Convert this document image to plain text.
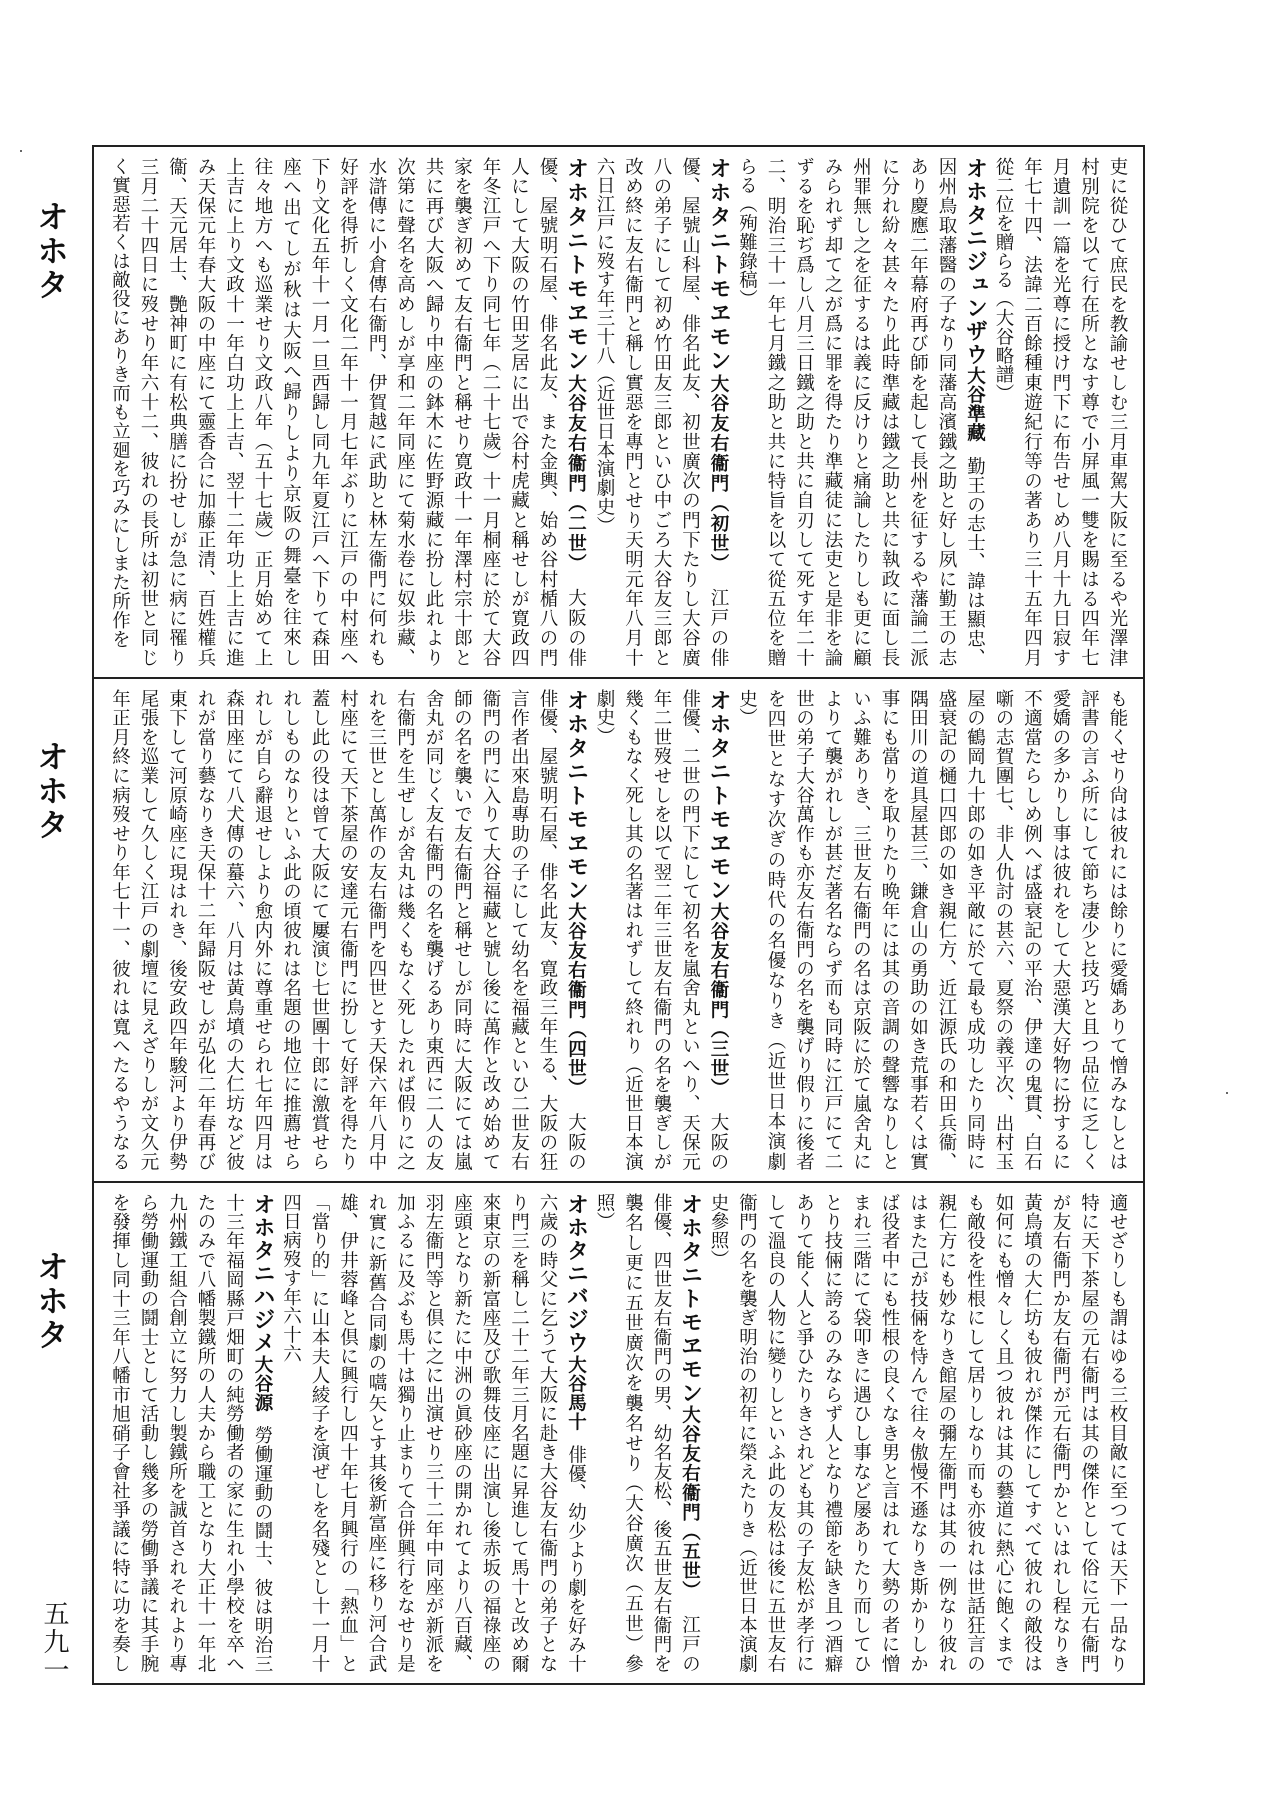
オホタ
オホタ
オホタ
吏に從ひて庶民を教諭せしむ三月車駕大阪に至るや光澤津村別院を以て行在所となす尊で小屏風一雙を賜はる四年七月遺訓一篇を光尊に授け門下に布告せしめ八月十九日寂す年七十四、法諱二百餘種東遊紀行等の著あり三十五年四月從二位を贈らる（大谷略譜）
オホタニジュンザウ大谷準藏勤王の志士、諱は顯忠、因州鳥取藩醫の子なり同藩高濱鐵之助と好し夙に勤王の志あり慶應二年幕府再び師を起して長州を征するや藩論二派に分れ紛々甚々たり此時準藏は鐵之助と共に執政に面し長州罪無し之を征するは義に反けりと痛論したりしも更に顧みられず却て之が爲に罪を得たり準藏徒に法吏と是非を論ずるを恥ぢ爲し八月三日鐵之助と共に自刃して死す年二十二、明治三十一年七月鐵之助と共に特旨を以て從五位を贈らる（殉難錄稿）
オホタニトモヱモン大谷友右衞門（初世）江戸の俳優、屋號山科屋、俳名此友、初世廣次の門下たりし大谷廣八の弟子にして初め竹田友三郎といひ中ごろ大谷友三郎と改め終に友右衞門と稱し實惡を專門とせり天明元年八月十六日江戸に歿す年三十八（近世日本演劇史）
オホタニトモヱモン大谷友右衞門（二世）大阪の俳優、屋號明石屋、俳名此友、また金輿、始め谷村楯八の門人にして大阪の竹田芝居に出で谷村虎藏と稱せしが寛政四年冬江戸へ下り同七年（二十七歲）十一月桐座に於て大谷家を襲ぎ初めて友右衞門と稱せり寛政十一年澤村宗十郎と共に再び大阪へ歸り中座の鉢木に佐野源藏に扮し此れより次第に聲名を高めしが享和二年同座にて菊水卷に奴歩藏、水滸傳に小倉傳右衞門、伊賀越に武助と林左衞門に何れも好評を得折しく文化二年十一月七年ぶりに江戸の中村座へ下り文化五年十一月一旦西歸し同九年夏江戸へ下りて森田座へ出てしが秋は大阪へ歸りしより京阪の舞臺を往來し往々地方へも巡業せり文政八年（五十七歲）正月始めて上上吉に上り文政十一年白功上上吉、翌十二年功上上吉に進み天保元年春大阪の中座にて靈香合に加藤正清、百姓權兵衞、天元居士、艷神町に有松典膳に扮せしが急に病に罹り三月二十四日に歿せり年六十二、彼れの長所は初世と同じく實惡若くは敵役にありき而も立廻を巧みにしまた所作を
も能くせり尙は彼れには餘りに愛嬌ありて憎みなしとは評書の言ふ所にして節ち凄少と技巧と且つ品位に乏しく愛嬌の多かりし事は彼れをして大惡漢大好物に扮するに不適當たらしめ例へば盛衰記の平治、伊達の鬼貫、白石噺の志賀團七、非人仇討の甚六、夏祭の義平次、出村玉屋の鶴岡九十郎の如き平敵に於て最も成功したり同時に盛衰記の樋口四郎の如き親仁方、近江源氏の和田兵衞、隅田川の道具屋甚三、鎌倉山の勇助の如き荒事若くは實事にも當りを取りたり晩年には其の音調の聲響なりしといふ難ありき、三世友右衞門の名は京阪に於て嵐舍丸によりて襲がれしが甚だ著名ならず而も同時に江戸にて二世の弟子大谷萬作も亦友右衞門の名を襲げり假りに後者を四世となす次ぎの時代の名優なりき（近世日本演劇史）
オホタニトモヱモン大谷友右衞門（三世）大阪の俳優、二世の門下にして初名を嵐舍丸といへり、天保元年二世歿せしを以て翌二年三世友右衞門の名を襲ぎしが幾くもなく死し其の名著はれずして終れり（近世日本演劇史）
オホタニトモヱモン大谷友右衞門（四世）大阪の俳優、屋號明石屋、俳名此友、寛政三年生る、大阪の狂言作者出來島專助の子にして幼名を福藏といひ二世友右衞門の門に入りて大谷福藏と號し後に萬作と改め始めて師の名を襲いで友右衞門と稱せしが同時に大阪にては嵐舍丸が同じく友右衞門の名を襲げるあり東西に二人の友右衞門を生ぜしが舍丸は幾くもなく死したれば假りに之れを三世とし萬作の友右衞門を四世とす天保六年八月中村座にて天下茶屋の安達元右衞門に扮して好評を得たり蓋し此の役は曾て大阪にて屢演じ七世團十郎に激賞せられしものなりといふ此の頃彼れは名題の地位に推薦せられしが自ら辭退せしより愈内外に尊重せられ七年四月は森田座にて八犬傳の蟇六、八月は黃鳥墳の大仁坊など彼れが當り藝なりき天保十二年歸阪せしが弘化二年春再び東下して河原崎座に現はれき、後安政四年駿河より伊勢尾張を巡業して久しく江戸の劇壇に見えざりしが文久元年正月終に病歿せり年七十一、彼れは寬へたるやうなる
適せざりしも謂はゆる三枚目敵に至つては天下一品なり特に天下茶屋の元右衞門は其の傑作として俗に元右衞門が友右衞門か友右衞門が元右衞門かといはれし程なりき黃鳥墳の大仁坊も彼れが傑作にしてすべて彼れの敵役は如何にも憎々しく且つ彼れは其の藝道に熱心に飽くまでも敵役を性根にして居りしなり而も亦彼れは世話狂言の親仁方にも妙なりき館屋の彌左衞門は其の一例なり彼れはまた己が技倆を恃んで往々傲慢不遜なりき斯かりしかば役者中にも性根の良くなき男と言はれて大勢の者に憎まれ三階にて袋叩きに遇ひし事など屡ありたり而してひとり技倆に誇るのみならず人となり禮節を缺き且つ酒癖ありて能く人と爭ひたりきされども其の子友松が孝行にして溫良の人物に變りしといふ此の友松は後に五世友右衞門の名を襲ぎ明治の初年に榮えたりき（近世日本演劇史參照）
オホタニトモヱモン大谷友右衞門（五世）江戸の俳優、四世友右衞門の男、幼名友松、後五世友右衞門を襲名し更に五世廣次を襲名せり（大谷廣次（五世）參照）
オホタニバジウ大谷馬十俳優、幼少より劇を好み十六歲の時父に乞うて大阪に赴き大谷友右衞門の弟子となり門三を稱し二十二年三月名題に昇進して馬十と改め爾來東京の新富座及び歌舞伎座に出演し後赤坂の福祿座の座頭となり新たに中洲の眞砂座の開かれてより八百藏、羽左衞門等と倶に之に出演せり三十二年中同座が新派を加ふるに及ぶも馬十は獨り止まりて合併興行をなせり是れ實に新舊合同劇の嚆矢とす其後新富座に移り河合武雄、伊井蓉峰と倶に興行し四十年七月興行の「熱血」と「當り的」に山本夫人綾子を演ぜしを名殘とし十一月十四日病歿す年六十六
オホタニハジメ大谷源勞働運動の鬪士、彼は明治三十三年福岡縣戸畑町の純勞働者の家に生れ小學校を卒へたのみで八幡製鐵所の人夫から職工となり大正十一年北九州鐵工組合創立に努力し製鐵所を誠首されそれより專ら勞働運動の鬪士として活動し幾多の勞働爭議に其手腕を發揮し同十三年八幡市旭硝子會社爭議に特に功を奏し
五九一
